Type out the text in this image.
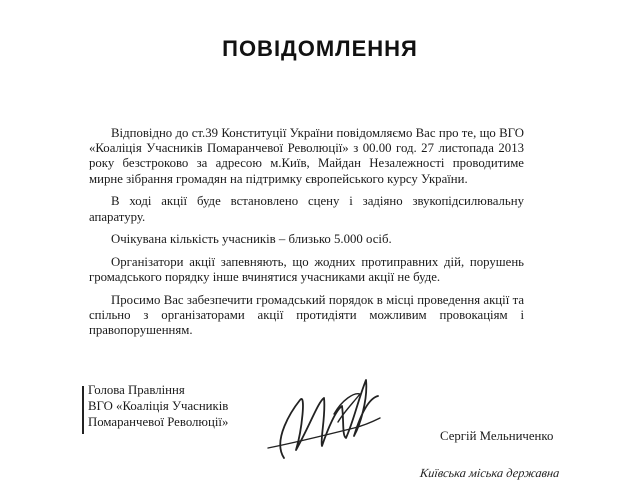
ПОВІДОМЛЕННЯ

Відповідно до ст.39 Конституції України повідомляємо Вас про те, що ВГО «Коаліція Учасників Помаранчевої Революції» з 00.00 год. 27 листопада 2013 року безстроково за адресою м.Київ, Майдан Незалежності проводитиме мирне зібрання громадян на підтримку європейського курсу України.

В ході акції буде встановлено сцену і задіяно звукопідсилювальну апаратуру.

Очікувана кількість учасників – близько 5.000 осіб.

Організатори акції запевняють, що жодних протиправних дій, порушень громадського порядку інше вчинятися учасниками акції не буде.

Просимо Вас забезпечити громадський порядок в місці проведення акції та спільно з організаторами акції протидіяти можливим провокаціям і правопорушенням.

Голова Правління
ВГО «Коаліція Учасників
Помаранчевої Революції»
Сергій Мельниченко
Київська міська державна
